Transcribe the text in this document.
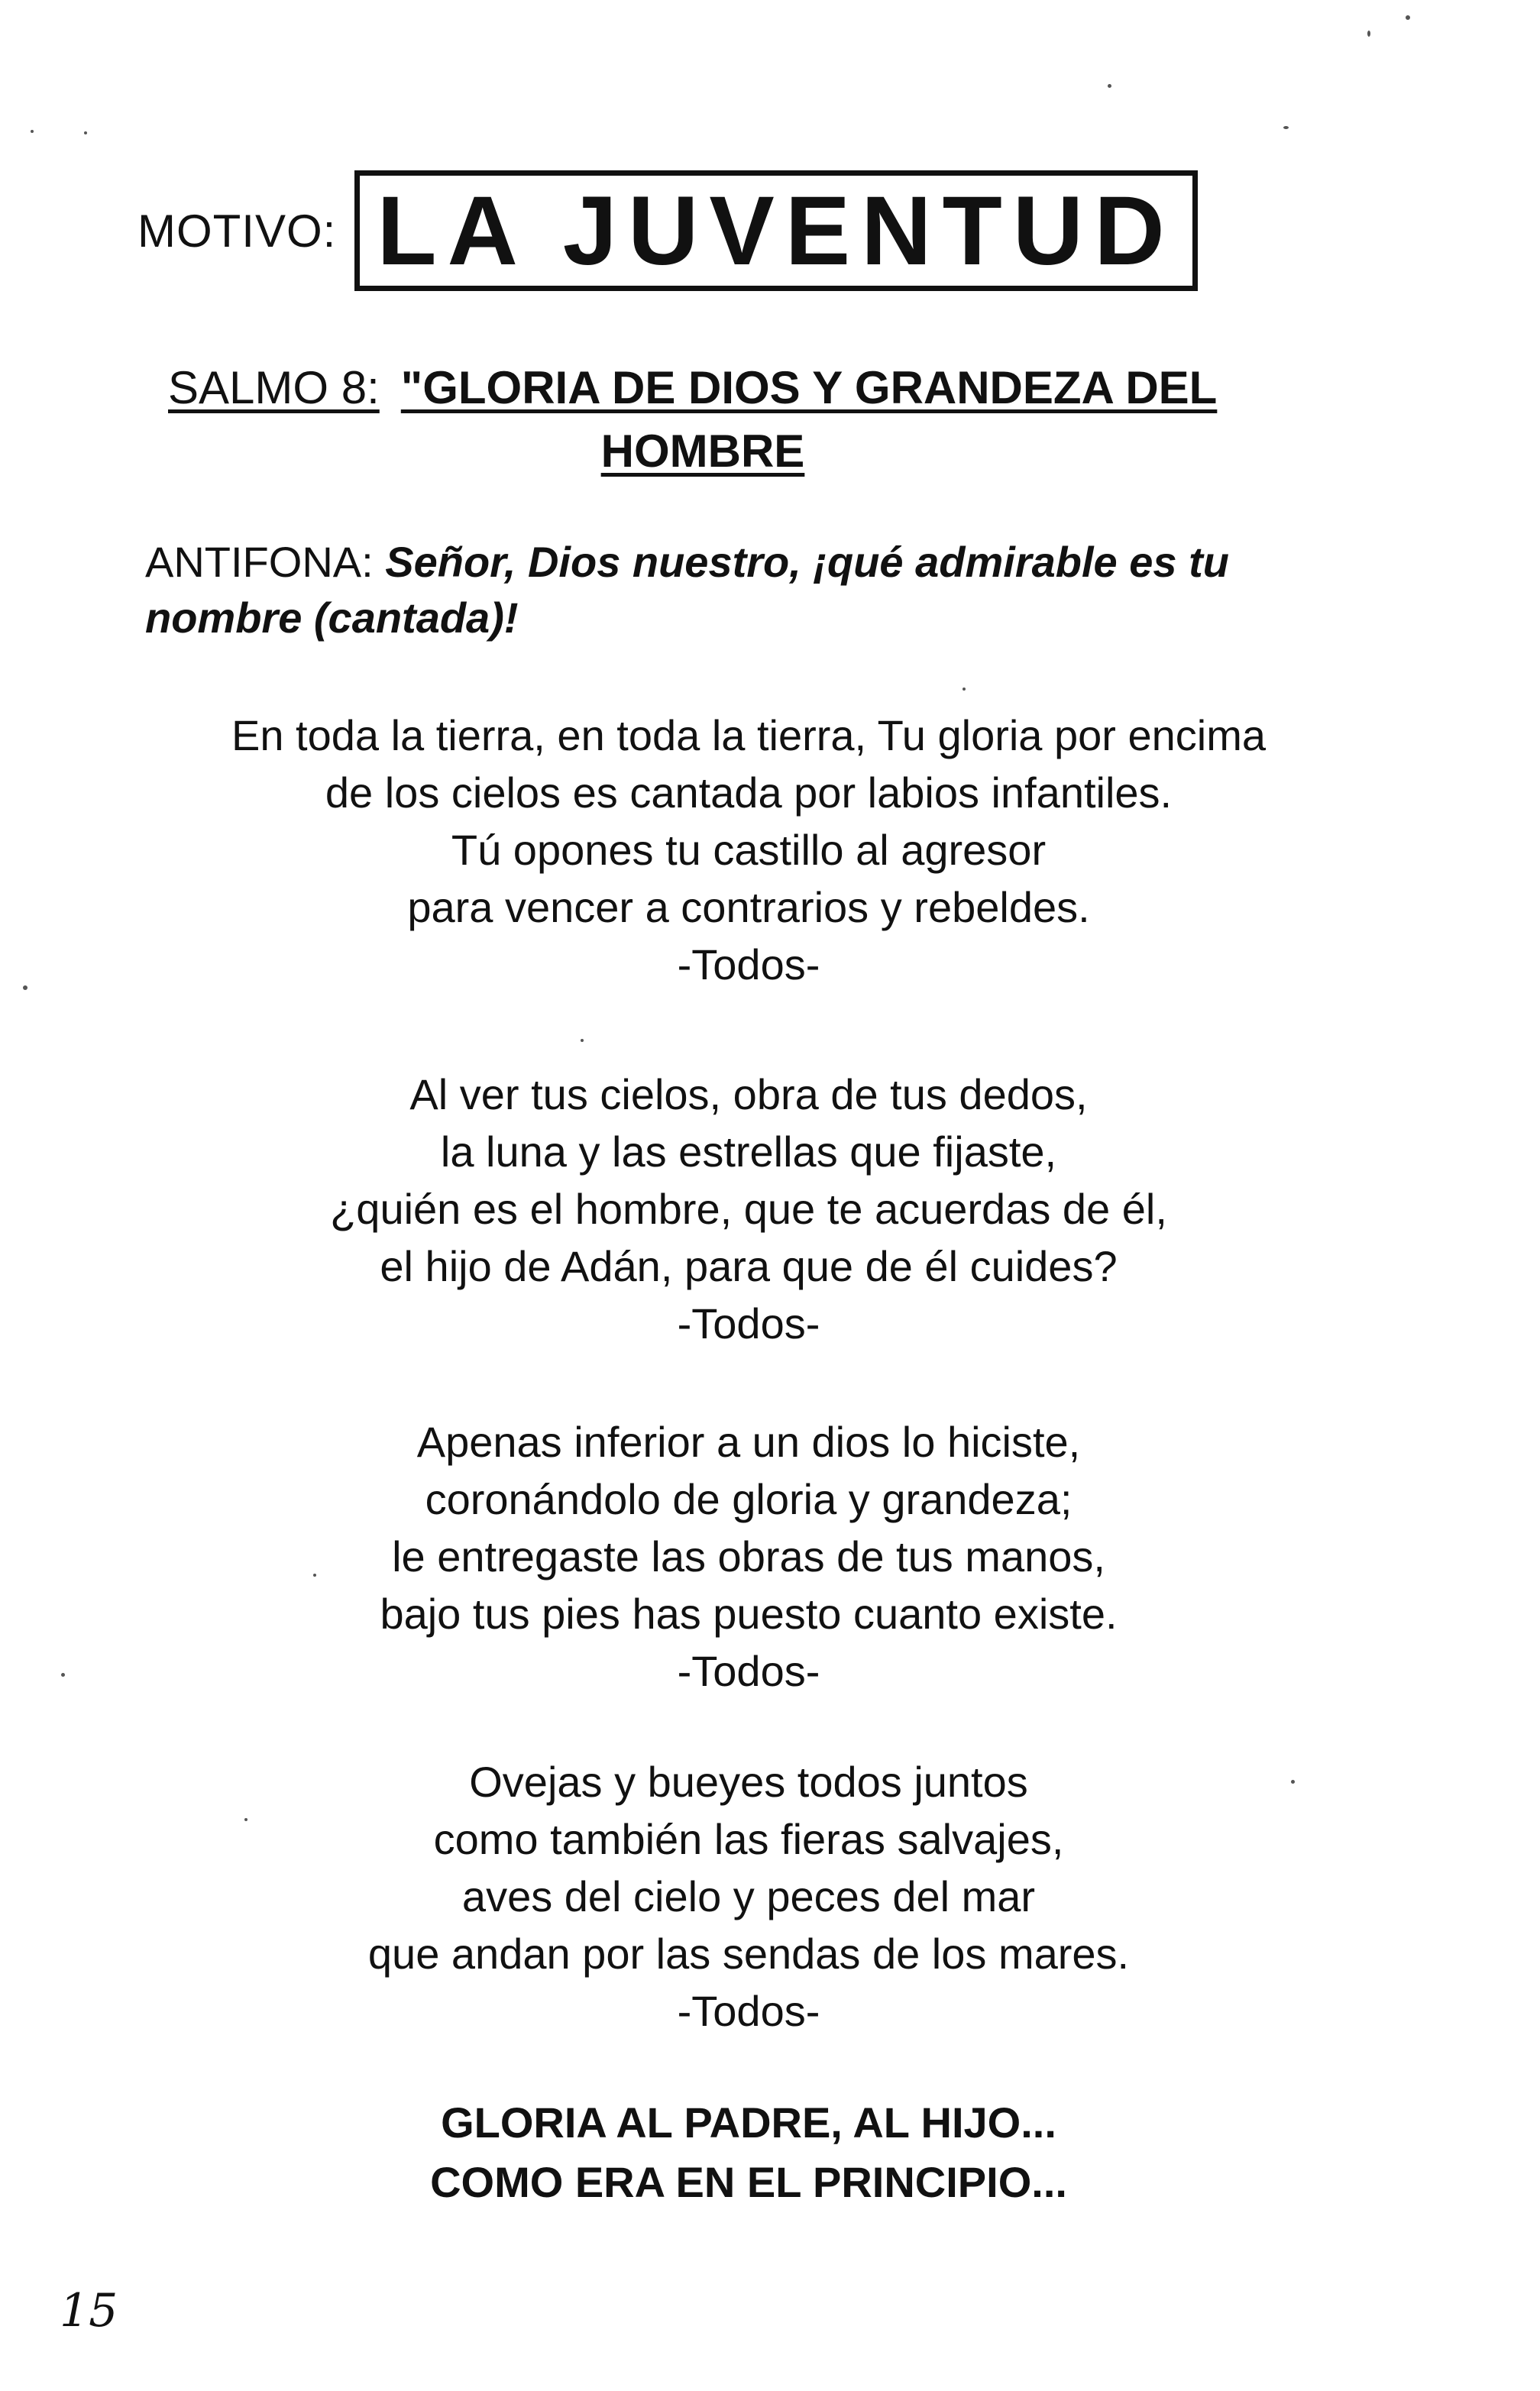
MOTIVO: LA JUVENTUD
SALMO 8: "GLORIA DE DIOS Y GRANDEZA DEL
HOMBRE
ANTIFONA: Señor, Dios nuestro, ¡qué admirable es tu nombre (cantada)!
En toda la tierra, en toda la tierra, Tu gloria por encima
de los cielos es cantada por labios infantiles.
Tú opones tu castillo al agresor
para vencer a contrarios y rebeldes.
-Todos-
Al ver tus cielos, obra de tus dedos,
la luna y las estrellas que fijaste,
¿quién es el hombre, que te acuerdas de él,
el hijo de Adán, para que de él cuides?
-Todos-
Apenas inferior a un dios lo hiciste,
coronándolo de gloria y grandeza;
le entregaste las obras de tus manos,
bajo tus pies has puesto cuanto existe.
-Todos-
Ovejas y bueyes todos juntos
como también las fieras salvajes,
aves del cielo y peces del mar
que andan por las sendas de los mares.
-Todos-
GLORIA AL PADRE, AL HIJO...
COMO ERA EN EL PRINCIPIO...
15
